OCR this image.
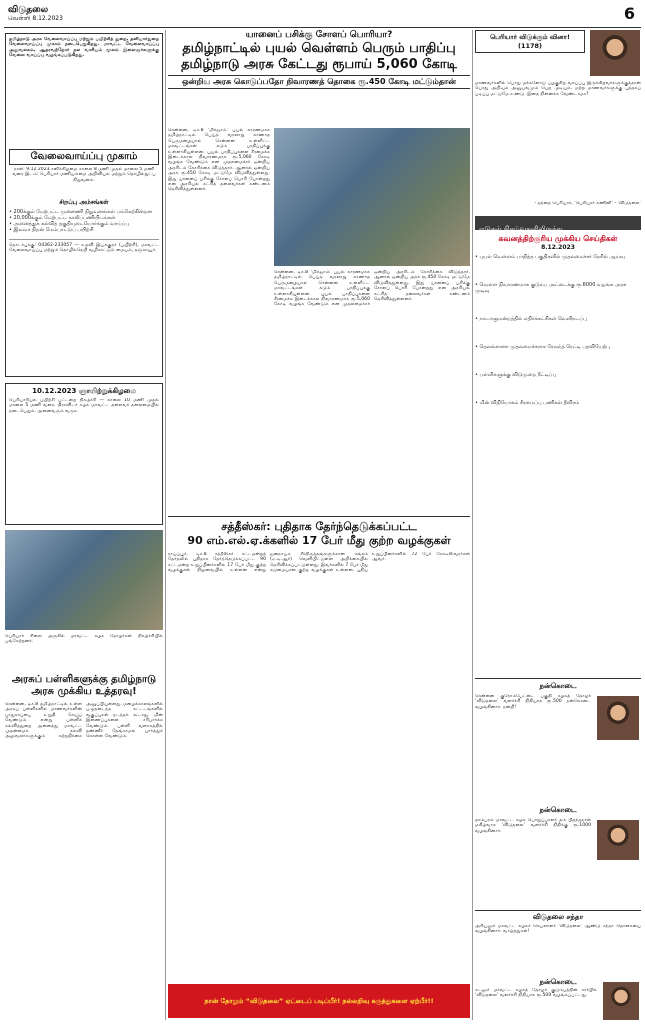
விடுதலை
வெள்ளி 8.12.2023	6
தமிழ்நாடு அரசு வேலைவாய்ப்பு மற்றும் பயிற்சித் துறை, தனியார்துறை வேலைவாய்ப்பு முகாம் நடைபெறுகிறது. மாவட்ட வேலைவாய்ப்பு அலுவலகம், ஆதரவற்றோர் நல வாரியம் மூலம் இளைஞர்களுக்கு வேலை வாய்ப்பு வழங்கப்படுகிறது.
வேலைவாய்ப்பு முகாம்
நாள்: 9.12.2023 சனிக்கிழமை காலை 8 மணி முதல் மாலை 5 மணி வரை இடம்: பெரியார் மணியம்மை அறிவியல் மற்றும் தொழில்நுட்ப நிறுவனம்.
சிறப்பு அம்சங்கள்
• 200க்கும் மேற்பட்ட முன்னணி நிறுவனங்கள் பங்கேற்கின்றன
• 20,000க்கும் மேற்பட்ட காலிப்பணியிடங்கள்
• அனைத்துக் கல்வித் தகுதியுடையோர்க்கும் வாய்ப்பு
• இலவச திறன் மேம்பாட்டுப் பயிற்சி
தொடர்புக்கு: 04362-233057 — உதவி இயக்குநர் (பயிற்சி), மாவட்ட வேலைவாய்ப்பு மற்றும் தொழில்நெறி வழிகாட்டும் மையம், தஞ்சாவூர்.
10.12.2023 ஞாயிற்றுக்கிழமை
பெரியாரியல் பயிற்சி பட்டறை நிகழ்ச்சி — காலை 10 மணி முதல் மாலை 5 மணி வரை. திராவிடர் கழக மாவட்ட தலைவர் தலைமையில் நடைபெறும். அனைவரும் வருக.
பெரியார் சிலை அருகில் மாவட்ட கழக தோழர்கள் நிகழ்ச்சியில் பங்கேற்றனர்.
அரசுப் பள்ளிகளுக்கு தமிழ்நாடு அரசு முக்கிய உத்தரவு!
சென்னை, டிச.8 தமிழ்நாட்டில் உள்ள அரசுப் பள்ளிகளில் மாணவர்களின் பாதுகாப்பை உறுதி செய்ய வேண்டும் என்று பள்ளிக் கல்வித்துறை அனைத்து மாவட்ட முதன்மைக் கல்வி அலுவலர்களுக்கும் சுற்றறிக்கை அனுப்பியுள்ளது. மழைக்காலங்களில் பழுதடைந்த கட்டடங்களில் வகுப்புகள் நடத்தக் கூடாது. மின் இணைப்புகளை சரிபார்க்க வேண்டும். பள்ளி வளாகத்தில் தண்ணீர் தேங்காமல் பார்த்துக் கொள்ள வேண்டும்.
யானைப் பசிக்கு சோளப் பொரியா?
தமிழ்நாட்டில் புயல் வெள்ளம் பெரும் பாதிப்பு
தமிழ்நாடு அரசு கேட்டது ரூபாய் 5,060 கோடி
ஒன்றிய அரசு கொடுப்பதோ நிவாரணத் தொகை ரூ.450 கோடி மட்டும்தான்
சென்னை, டிச.8 ‘மிக்ஜாம்’ புயல் காரணமாக தமிழ்நாட்டில் பெய்த வரலாறு காணாத பெருமழையால் சென்னை உள்ளிட்ட மாவட்டங்கள் கடும் பாதிப்புக்கு உள்ளாகியுள்ளன. புயல் பாதிப்புகளை சீரமைக்க இடைக்கால நிவாரணமாக ரூ.5,060 கோடி வழங்க வேண்டும் என முதலமைச்சர் ஒன்றிய அரசிடம் கோரிக்கை விடுத்தார். ஆனால் ஒன்றிய அரசு ரூ.450 கோடி மட்டுமே விடுவித்துள்ளது. இது யானைப் பசிக்கு சோளப் பொரி போன்றது என அரசியல் கட்சித் தலைவர்கள் கண்டனம் தெரிவித்துள்ளனர்.
சென்னை, டிச.8 ‘மிக்ஜாம்’ புயல் காரணமாக தமிழ்நாட்டில் பெய்த வரலாறு காணாத பெருமழையால் சென்னை உள்ளிட்ட மாவட்டங்கள் கடும் பாதிப்புக்கு உள்ளாகியுள்ளன. புயல் பாதிப்புகளை சீரமைக்க இடைக்கால நிவாரணமாக ரூ.5,060 கோடி வழங்க வேண்டும் என முதலமைச்சர் ஒன்றிய அரசிடம் கோரிக்கை விடுத்தார். ஆனால் ஒன்றிய அரசு ரூ.450 கோடி மட்டுமே விடுவித்துள்ளது. இது யானைப் பசிக்கு சோளப் பொரி போன்றது என அரசியல் கட்சித் தலைவர்கள் கண்டனம் தெரிவித்துள்ளனர்.
சத்தீஸ்கர்: புதிதாக தேர்ந்தெடுக்கப்பட்ட
90 எம்.எல்.ஏ.க்களில் 17 பேர் மீது குற்ற வழக்குகள்
ராய்ப்பூர், டிச.8 சத்தீஸ்கர் சட்டமன்றத் தேர்தலில் புதிதாக தேர்ந்தெடுக்கப்பட்ட 90 சட்டமன்ற உறுப்பினர்களில் 17 பேர் மீது குற்ற வழக்குகள் நிலுவையில் உள்ளன என்று ஜனநாயக சீர்திருத்தங்களுக்கான சங்கம் (ஏ.டி.ஆர்) வெளியிட்டுள்ள அறிக்கையில் தெரிவிக்கப்பட்டுள்ளது. இவர்களில் 7 பேர் மீது கடுமையான குற்ற வழக்குகள் உள்ளன. புதிய உறுப்பினர்களில் 72 பேர் கோடீஸ்வரர்கள் ஆவர்.
நான் தோறும் “விடுதலை” ஏட்டைப் படிப்பீர்! நல்லறிவு கருத்துகளை ஏற்பீர்!!
பெரியார் விடுக்கும் வினா! (1178)
மாணவர்களில் பொது மக்களோடு பழகுகிற வாய்ப்பு இருக்கிறவர்களுக்குத்தான் பொது அறிவும் அனுபவமும் பெற முடியும். மற்ற மாணவர்களுக்கு புத்தகப் படிப்பு மட்டுமே உண்டு. இதை நினைக்க வேண்டாமா?
- தந்தை பெரியார், ‘பெரியார் கணினி’ - ‘விடுதலை’
ஏடுகள் நிகழ்வுகளிலிருந்து…
கவனத்திற்குரிய முக்கிய செய்திகள்
8.12.2023
• புயல் வெள்ளம் பாதித்த பகுதிகளில் முதலமைச்சர் நேரில் ஆய்வு
• வெள்ள நிவாரணமாக குடும்ப அட்டைக்கு ரூ.6000 வழங்க அரசு முடிவு
• நாடாளுமன்றத்தில் எதிர்க்கட்சிகள் வெளிநடப்பு
• தெலங்கானா முதலமைச்சராக ரேவந்த் ரெட்டி பதவியேற்பு
• பள்ளிகளுக்கு விடுமுறை நீட்டிப்பு
• மின் விநியோகம் சீரமைப்பு பணிகள் தீவிரம்
நன்கொடை
சென்னை குரோம்பேட்டை பகுதி கழகத் தோழர் ‘விடுதலை’ வளர்ச்சி நிதியாக ரூ.500 நன்கொடை வழங்கினார். நன்றி!
நன்கொடை
தாம்பரம் மாவட்ட கழக பொறுப்பாளர் தம் பிறந்தநாள் மகிழ்வாக ‘விடுதலை’ வளர்ச்சி நிதிக்கு ரூ.1000 வழங்கினார்.
விடுதலை சந்தா
அரியலூர் மாவட்ட கழகச் செயலாளர் ‘விடுதலை’ ஆண்டு சந்தா தொகையை வழங்கினார். வாழ்த்துகள்!
நன்கொடை
கடலூர் மாவட்ட கழகத் தோழர் குடும்பத்தின் சார்பில் ‘விடுதலை’ வளர்ச்சி நிதியாக ரூ.500 வழங்கப்பட்டது.
